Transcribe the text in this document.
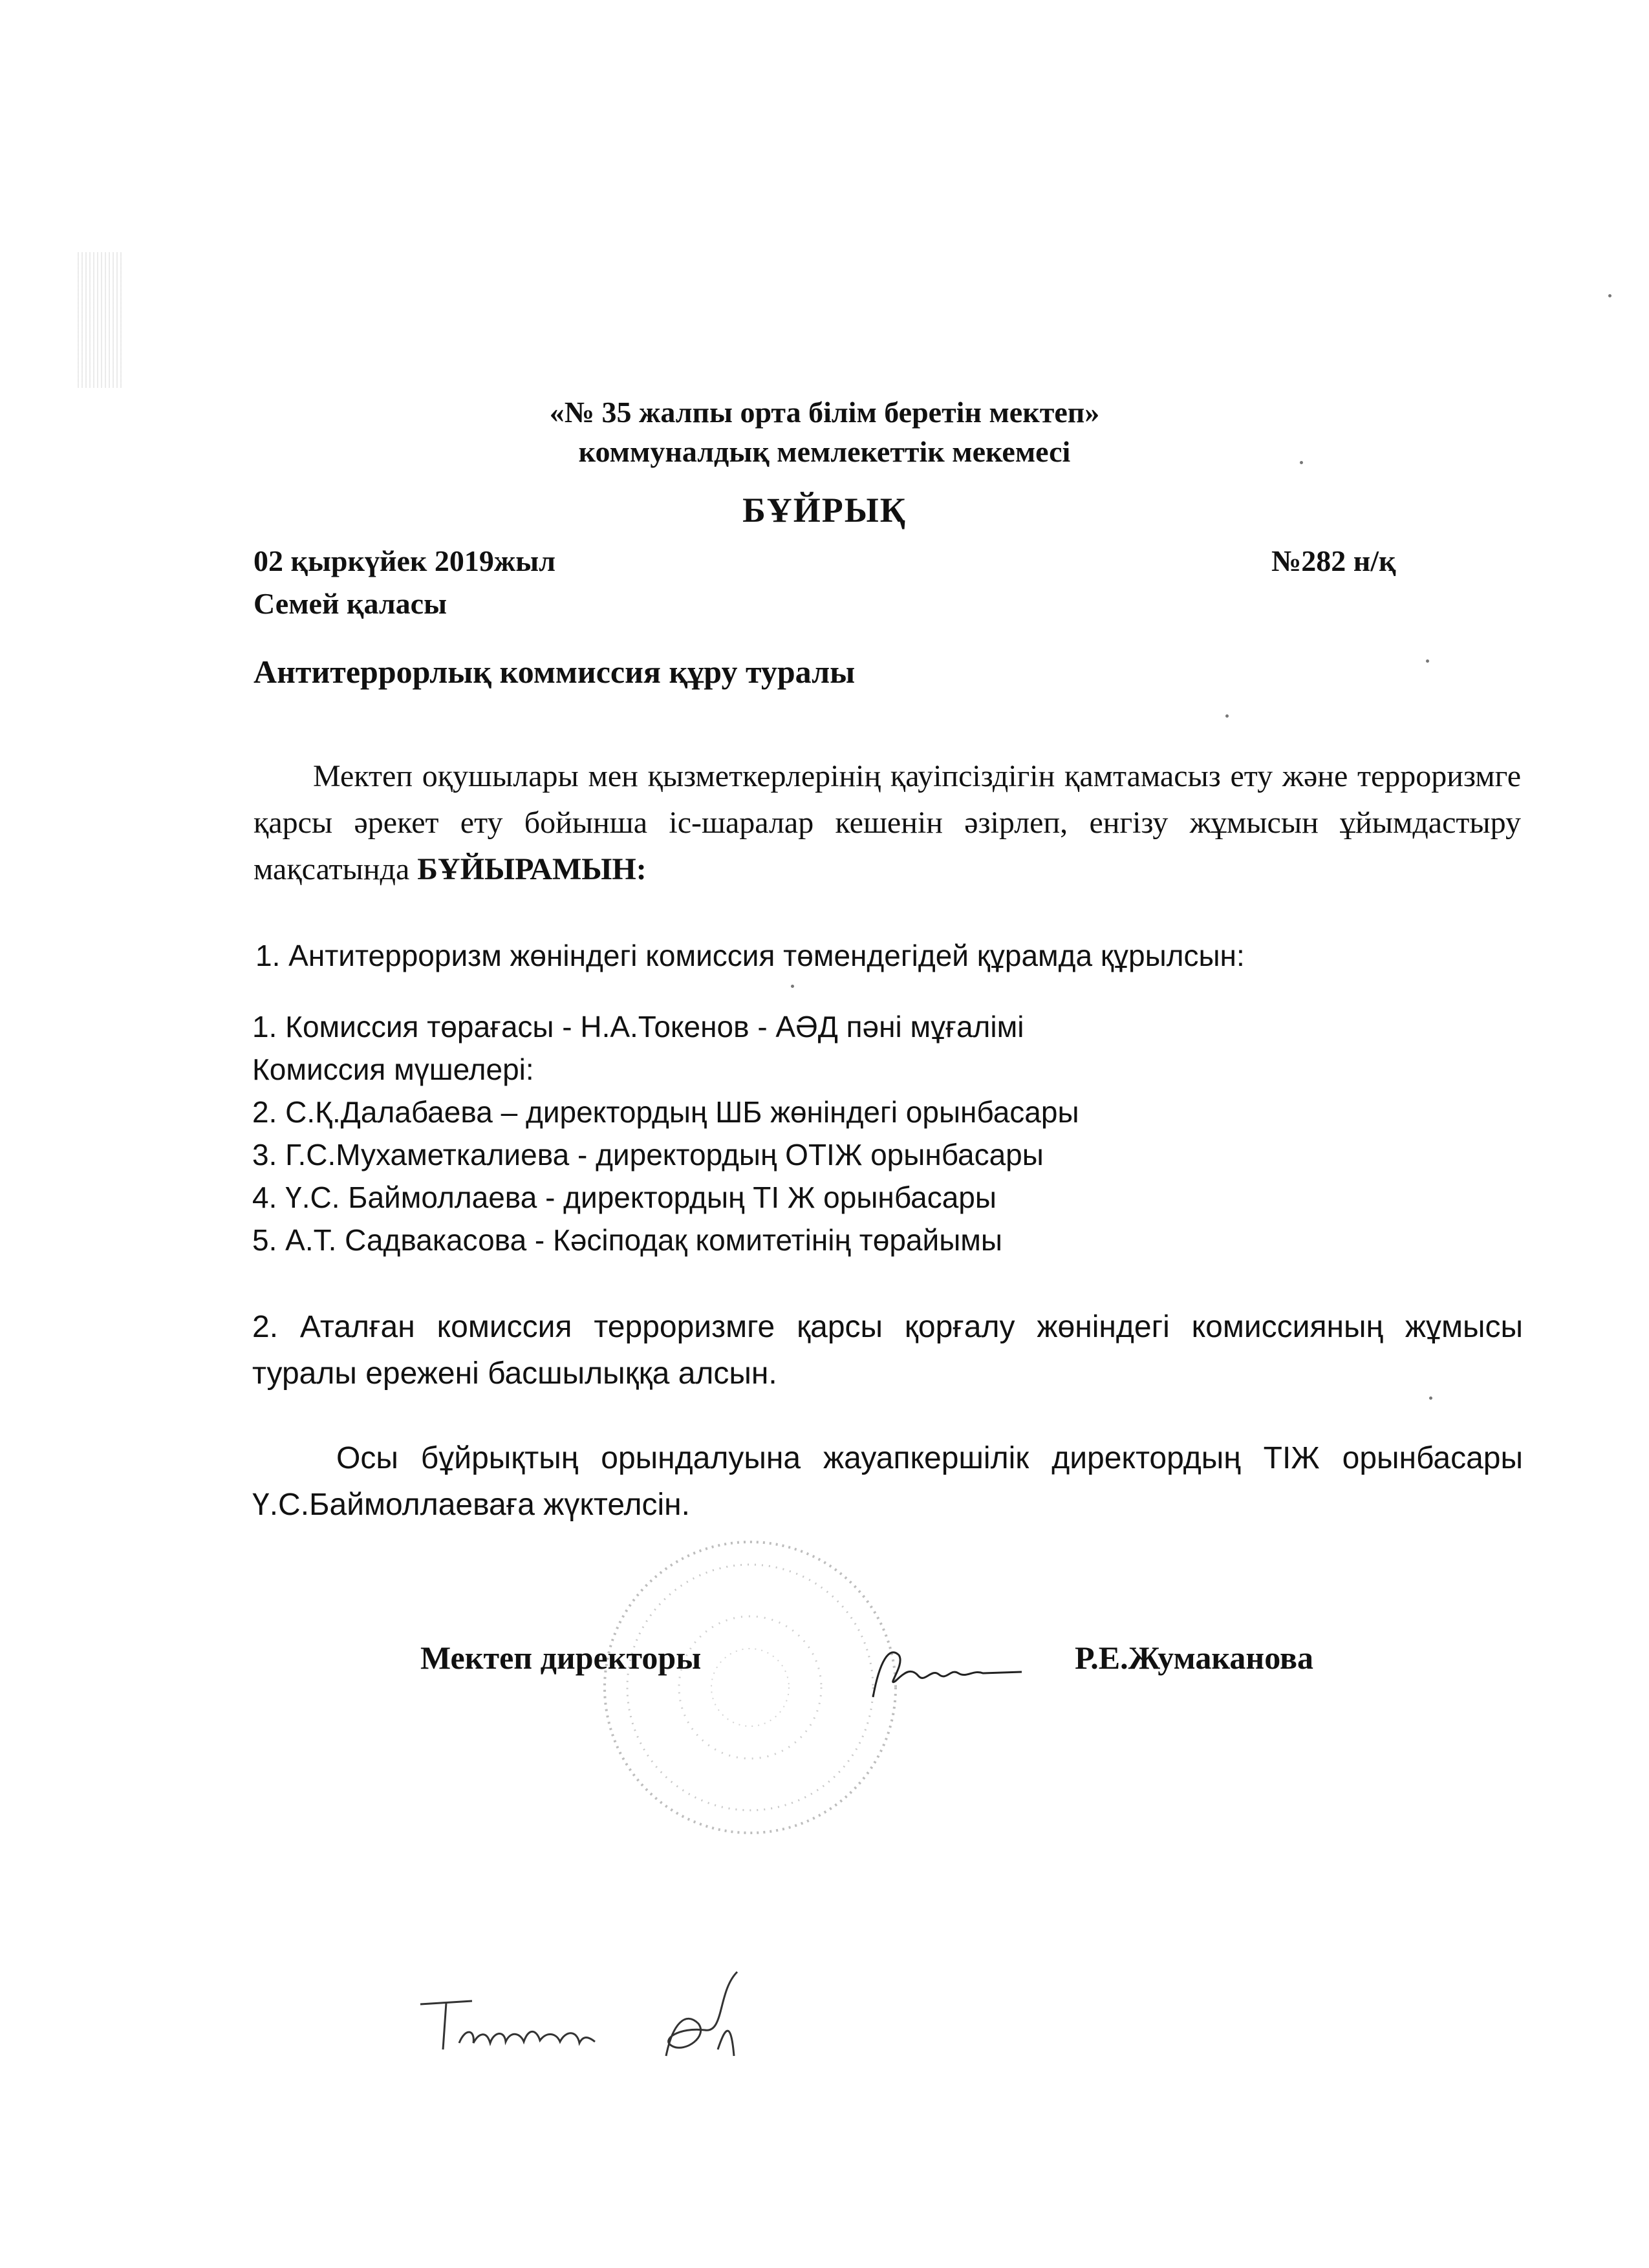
«№ 35 жалпы орта білім беретін мектеп»
коммуналдық мемлекеттік мекемесі
БҰЙРЫҚ
02 қыркүйек 2019жыл	№282 н/қ
Семей қаласы
Антитеррорлық коммиссия құру туралы
Мектеп оқушылары мен қызметкерлерінің қауіпсіздігін қамтамасыз ету және терроризмге қарсы әрекет ету бойынша іс-шаралар кешенін әзірлеп, енгізу жұмысын ұйымдастыру мақсатында БҰЙЫРАМЫН:
1. Антитерроризм жөніндегі комиссия төмендегідей құрамда құрылсын:
1. Комиссия төрағасы - Н.А.Токенов - АӘД пәні мұғалімі
Комиссия мүшелері:
2. С.Қ.Далабаева – директордың ШБ жөніндегі орынбасары
3. Г.С.Мухаметкалиева - директордың ОТІЖ орынбасары
4. Ү.С. Баймоллаева - директордың ТІ Ж орынбасары
5. А.Т. Садвакасова - Кәсіподақ комитетінің төрайымы
2. Аталған комиссия терроризмге қарсы қорғалу жөніндегі комиссияның жұмысы туралы ережені басшылыққа алсын.
Осы бұйрықтың орындалуына жауапкершілік директордың ТІЖ орынбасары Ү.С.Баймоллаеваға жүктелсін.
Мектеп директоры	Р.Е.Жумаканова
